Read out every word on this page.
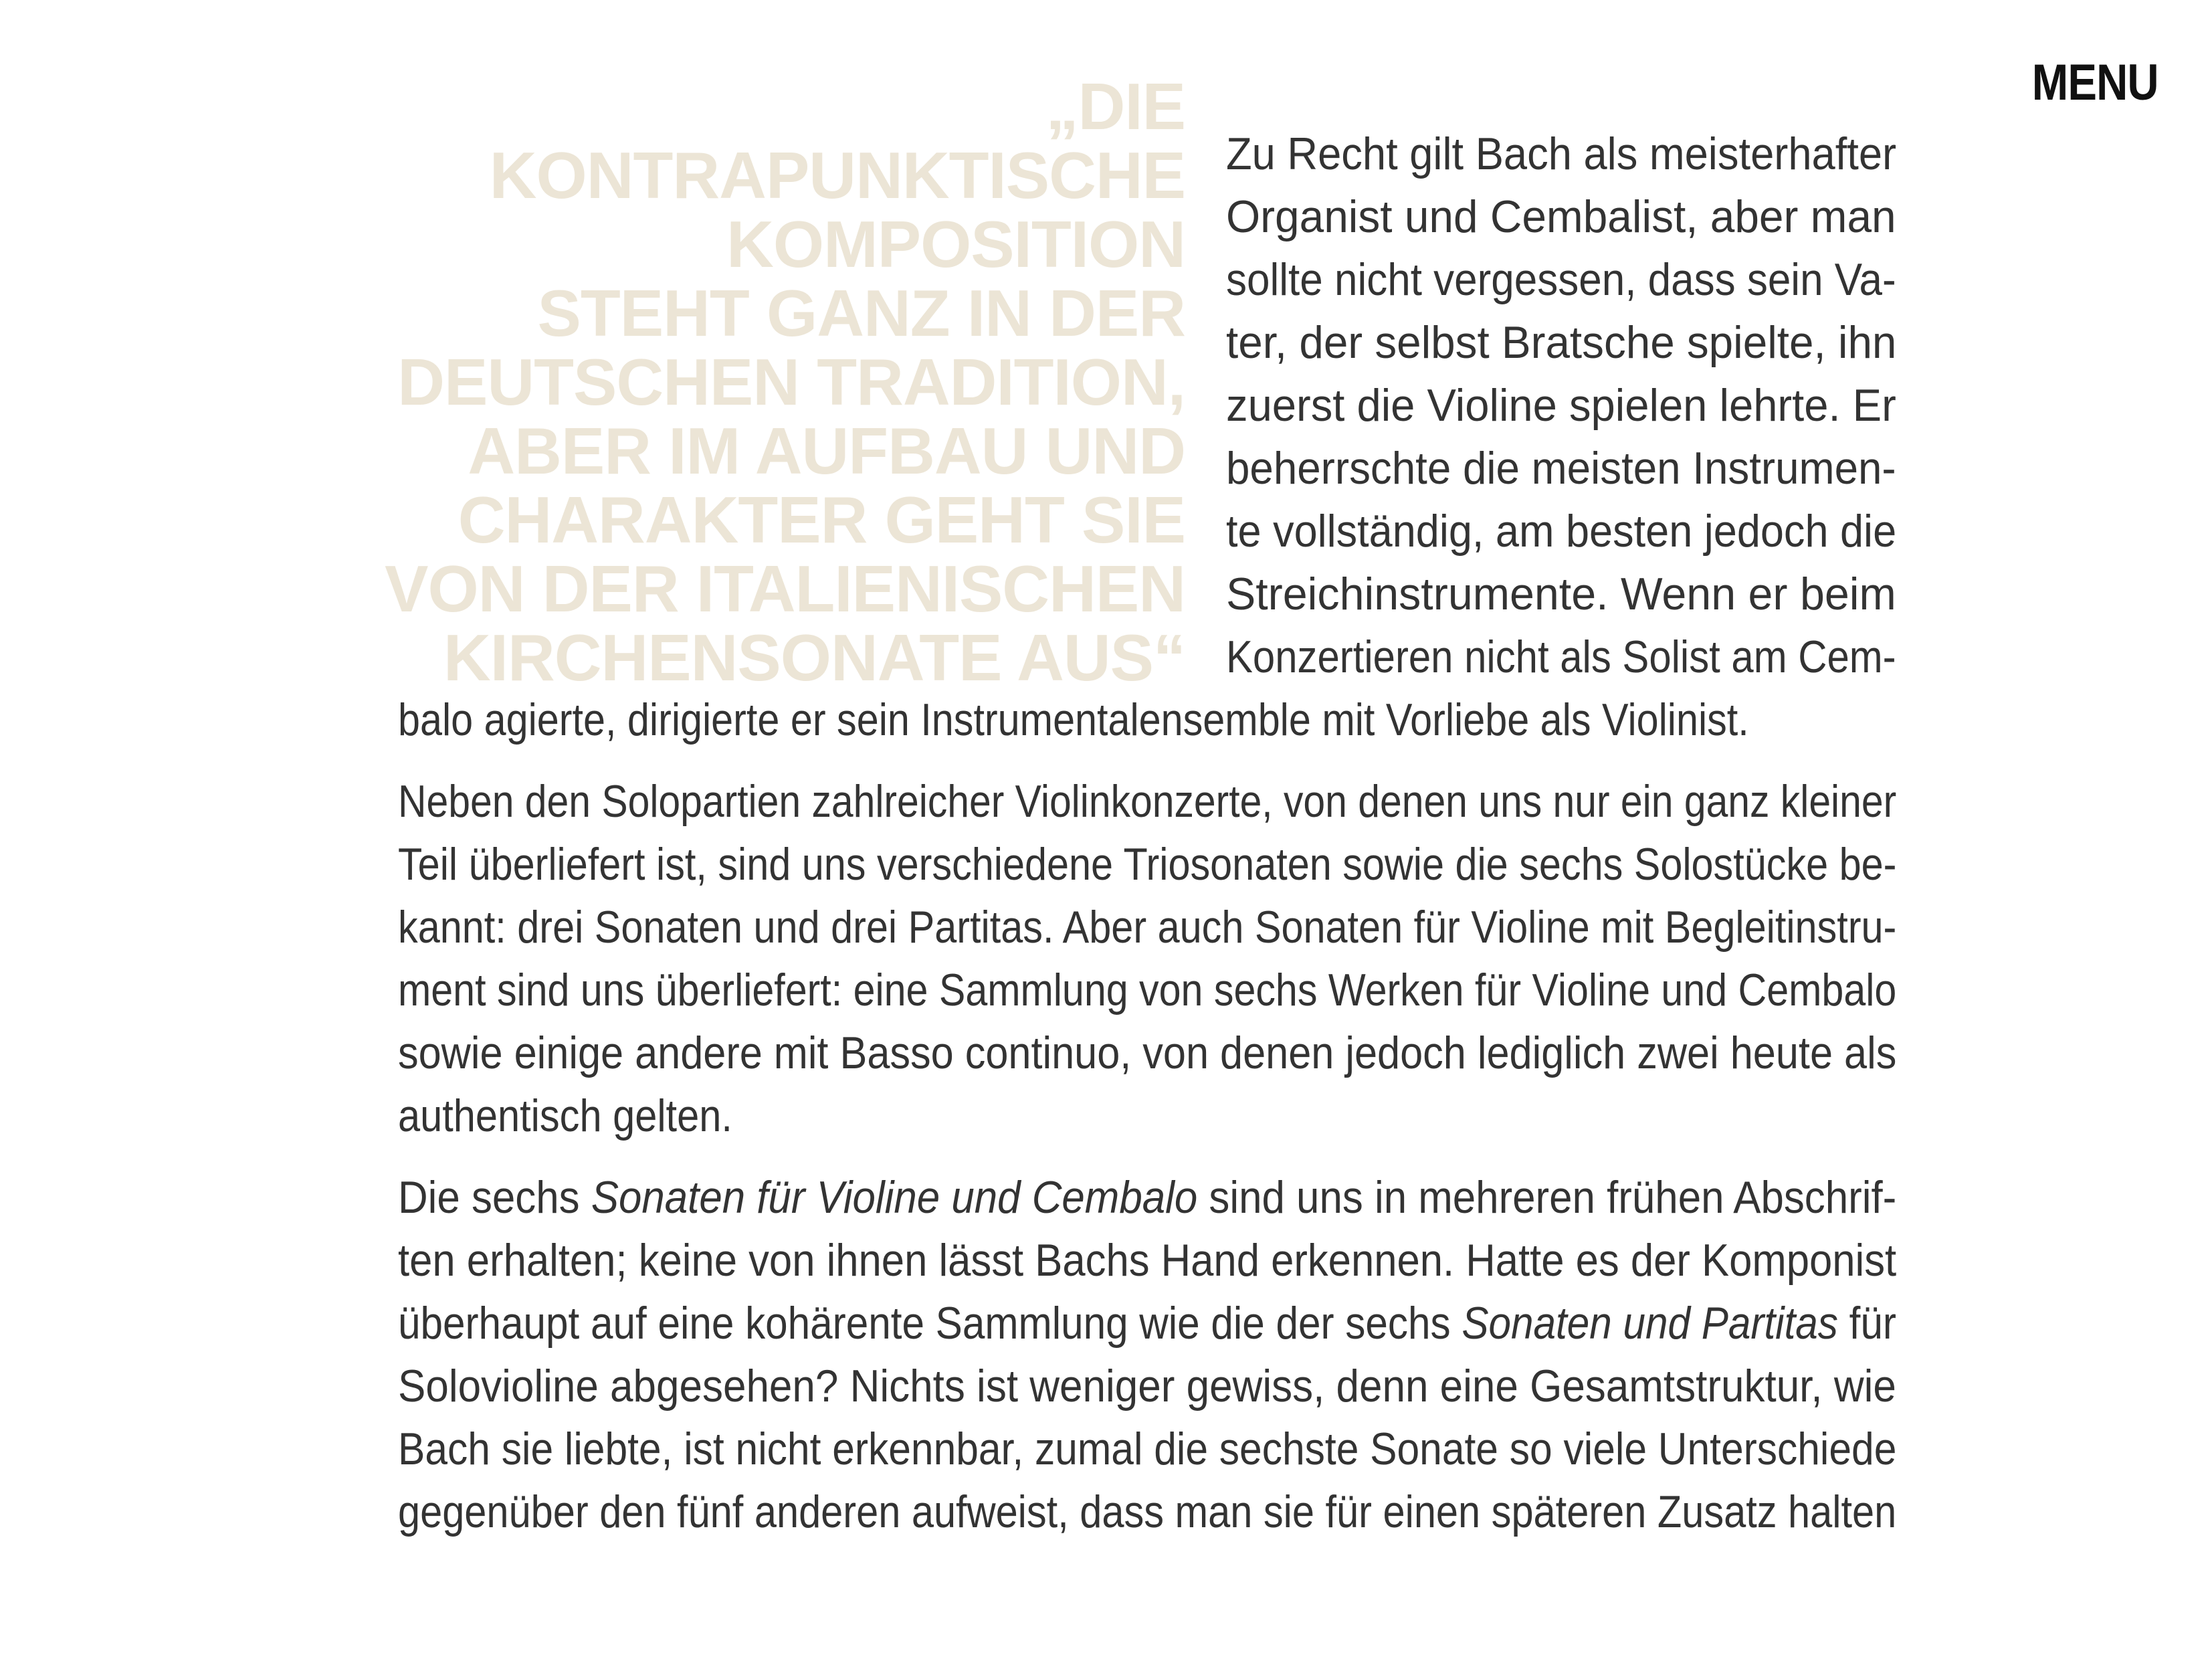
MENU
„DIE
KONTRAPUNKTISCHE
KOMPOSITION
STEHT GANZ IN DER
DEUTSCHEN TRADITION,
ABER IM AUFBAU UND
CHARAKTER GEHT SIE
VON DER ITALIENISCHEN
KIRCHENSONATE AUS“
Zu Recht gilt Bach als meisterhafter
Organist und Cembalist, aber man
sollte nicht vergessen, dass sein Va-
ter, der selbst Bratsche spielte, ihn
zuerst die Violine spielen lehrte. Er
beherrschte die meisten Instrumen-
te vollständig, am besten jedoch die
Streichinstrumente. Wenn er beim
Konzertieren nicht als Solist am Cem-
balo agierte, dirigierte er sein Instrumentalensemble mit Vorliebe als Violinist.
Neben den Solopartien zahlreicher Violinkonzerte, von denen uns nur ein ganz kleiner
Teil überliefert ist, sind uns verschiedene Triosonaten sowie die sechs Solostücke be-
kannt: drei Sonaten und drei Partitas. Aber auch Sonaten für Violine mit Begleitinstru-
ment sind uns überliefert: eine Sammlung von sechs Werken für Violine und Cembalo
sowie einige andere mit Basso continuo, von denen jedoch lediglich zwei heute als
authentisch gelten.
Die sechs Sonaten für Violine und Cembalo sind uns in mehreren frühen Abschrif-
ten erhalten; keine von ihnen lässt Bachs Hand erkennen. Hatte es der Komponist
überhaupt auf eine kohärente Sammlung wie die der sechs Sonaten und Partitas für
Solovioline abgesehen? Nichts ist weniger gewiss, denn eine Gesamtstruktur, wie
Bach sie liebte, ist nicht erkennbar, zumal die sechste Sonate so viele Unterschiede
gegenüber den fünf anderen aufweist, dass man sie für einen späteren Zusatz halten
